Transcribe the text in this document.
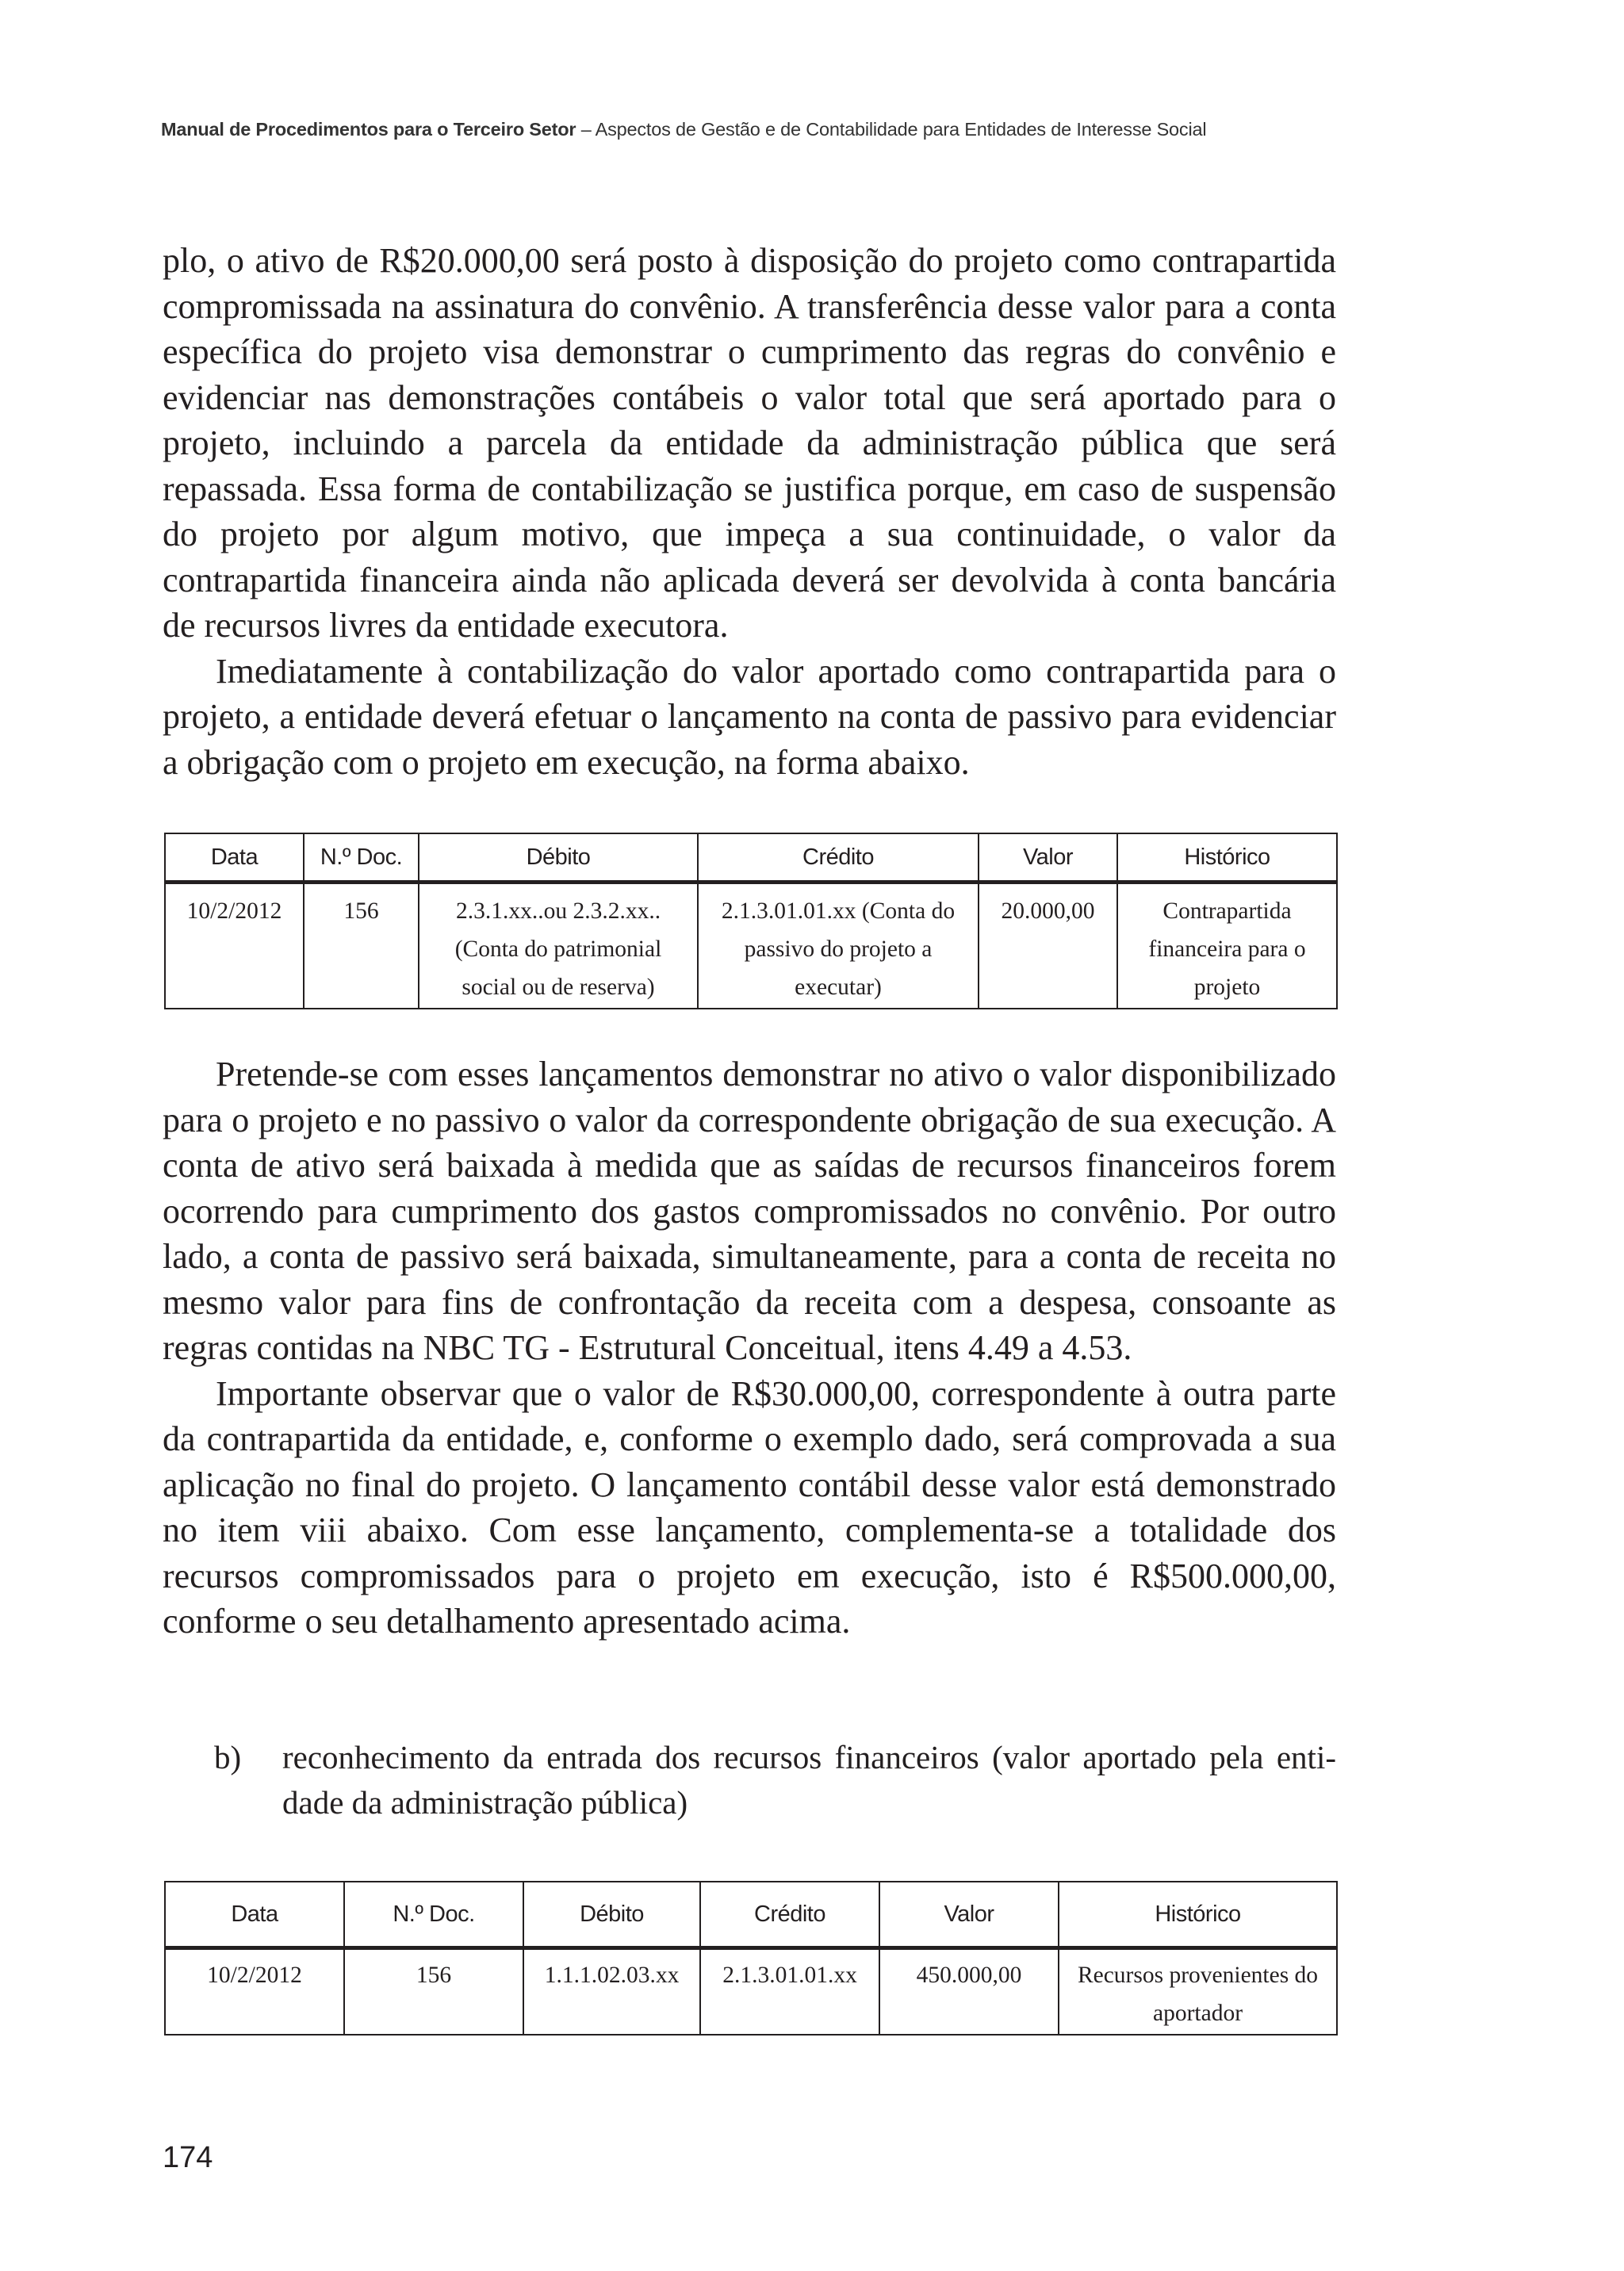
Manual de Procedimentos para o Terceiro Setor – Aspectos de Gestão e de Contabilidade para Entidades de Interesse Social

plo, o ativo de R$20.000,00 será posto à disposição do projeto como contrapartida compromissada na assinatura do convênio. A transferência desse valor para a conta específica do projeto visa demonstrar o cumprimento das regras do convênio e evidenciar nas demonstrações contábeis o valor total que será aportado para o projeto, incluindo a parcela da entidade da administração pública que será repassada. Essa forma de contabilização se justifica porque, em caso de suspensão do projeto por algum motivo, que impeça a sua continuidade, o valor da contrapartida financeira ainda não aplicada deverá ser devolvida à conta bancária de recursos livres da entidade executora.

Imediatamente à contabilização do valor aportado como contrapartida para o projeto, a entidade deverá efetuar o lançamento na conta de passivo para evidenciar a obrigação com o projeto em execução, na forma abaixo.

Data	N.º Doc.	Débito	Crédito	Valor	Histórico
10/2/2012	156	2.3.1.xx..ou 2.3.2.xx.. (Conta do patrimonial social ou de reserva)	2.1.3.01.01.xx (Conta do passivo do projeto a executar)	20.000,00	Contrapartida financeira para o projeto

Pretende-se com esses lançamentos demonstrar no ativo o valor disponibilizado para o projeto e no passivo o valor da correspondente obrigação de sua execução. A conta de ativo será baixada à medida que as saídas de recursos financeiros forem ocorrendo para cumprimento dos gastos compromissados no convênio. Por outro lado, a conta de passivo será baixada, simultaneamente, para a conta de receita no mesmo valor para fins de confrontação da receita com a despesa, consoante as regras contidas na NBC TG - Estrutural Conceitual, itens 4.49 a 4.53.

Importante observar que o valor de R$30.000,00, correspondente à outra parte da contrapartida da entidade, e, conforme o exemplo dado, será comprovada a sua aplicação no final do projeto. O lançamento contábil desse valor está demonstrado no item viii abaixo. Com esse lançamento, complementa-se a totalidade dos recursos compromissados para o projeto em execução, isto é R$500.000,00, conforme o seu detalhamento apresentado acima.

b) reconhecimento da entrada dos recursos financeiros (valor aportado pela entidade da administração pública)
Data	N.º Doc.	Débito	Crédito	Valor	Histórico
10/2/2012	156	1.1.1.02.03.xx	2.1.3.01.01.xx	450.000,00	Recursos provenientes do aportador
174
